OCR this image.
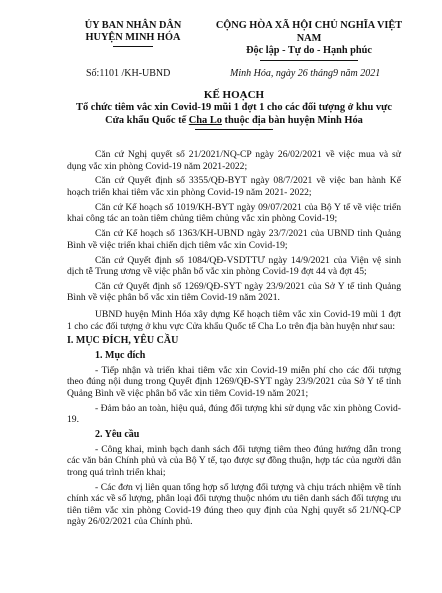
ỦY BAN NHÂN DÂN
HUYỆN MINH HÓA
CỘNG HÒA XÃ HỘI CHỦ NGHĨA VIỆT NAM
Độc lập - Tự do - Hạnh phúc
Số:1101 /KH-UBND	Minh Hóa, ngày 26 tháng9 năm 2021
KẾ HOẠCH
Tổ chức tiêm vắc xin Covid-19 mũi 1 đợt 1 cho các đối tượng ở khu vực
Cửa khẩu Quốc tế Cha Lo thuộc địa bàn huyện Minh Hóa

Căn cứ Nghị quyết số 21/2021/NQ-CP ngày 26/02/2021 về việc mua và sử dụng vắc xin phòng Covid-19 năm 2021-2022;

Căn cứ Quyết định số 3355/QĐ-BYT ngày 08/7/2021 về việc ban hành Kế hoạch triển khai tiêm vắc xin phòng Covid-19 năm 2021- 2022;

Căn cứ Kế hoạch số 1019/KH-BYT ngày 09/07/2021 của Bộ Y tế về việc triển khai công tác an toàn tiêm chủng tiêm chủng vắc xin phòng Covid-19;

Căn cứ Kế hoạch số 1363/KH-UBND ngày 23/7/2021 của UBND tỉnh Quảng Bình về việc triển khai chiến dịch tiêm vắc xin Covid-19;

Căn cứ Quyết định số 1084/QĐ-VSDTTƯ ngày 14/9/2021 của Viện vệ sinh dịch tễ Trung ương về việc phân bổ vắc xin phòng Covid-19 đợt 44 và đợt 45;

Căn cứ Quyết định số 1269/QĐ-SYT ngày 23/9/2021 của Sở Y tế tỉnh Quảng Bình về việc phân bổ vắc xin tiêm Covid-19 năm 2021.

UBND huyện Minh Hóa xây dựng Kế hoạch tiêm vắc xin Covid-19 mũi 1 đợt 1 cho các đối tượng ở khu vực Cửa khẩu Quốc tế Cha Lo trên địa bàn huyện như sau:

I. MỤC ĐÍCH, YÊU CẦU
1. Mục đích

- Tiếp nhận và triển khai tiêm vắc xin Covid-19 miễn phí cho các đối tượng theo đúng nội dung trong Quyết định 1269/QĐ-SYT ngày 23/9/2021 của Sở Y tế tỉnh Quảng Bình về việc phân bổ vắc xin tiêm Covid-19 năm 2021;

- Đảm bảo an toàn, hiệu quả, đúng đối tượng khi sử dụng vắc xin phòng Covid-19.

2. Yêu cầu

- Công khai, minh bạch danh sách đối tượng tiêm theo đúng hướng dẫn trong các văn bản Chính phủ và của Bộ Y tế, tạo được sự đồng thuận, hợp tác của người dân trong quá trình triển khai;

- Các đơn vị liên quan tổng hợp số lượng đối tượng và chịu trách nhiệm về tính chính xác về số lượng, phân loại đối tượng thuộc nhóm ưu tiên danh sách đối tượng ưu tiên tiêm vắc xin phòng Covid-19 đúng theo quy định của Nghị quyết số 21/NQ-CP ngày 26/02/2021 của Chính phủ.
